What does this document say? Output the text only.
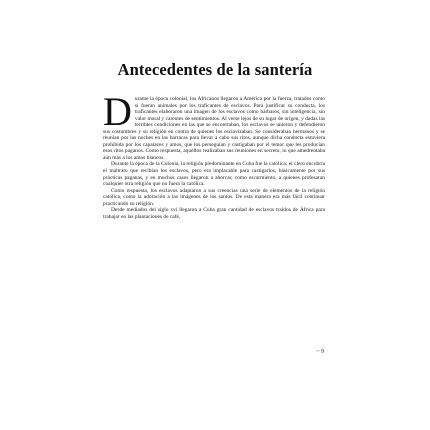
Antecedentes de la santería

Durante la época colonial, los Africanos llegaron a América por la fuerza, tratados como si fueran animales por los traficantes de esclavos. Para justificar su conducta, los traficantes elaboraron una imagen de los esclavos como bárbaros, sin inteligencia, sin valor moral y carentes de sentimientos. Al verse lejos de su lugar de origen, y dadas las terribles condiciones en las que se encontraban, los esclavos se unieron y defendieron sus costumbres y su religión en contra de quienes los esclavizaban. Se consideraban hermanos y se reunían por las noches en las barracas para llevar a cabo sus ritos, aunque dicha conducta estuviera prohibida por los capataces y amos, que los perseguían y castigaban por el temor que les producían esos ritos paganos. Como respuesta, aquéllos realizaban sus reuniones en secreto, lo que amedrentaba aún más a los amos blancos.

Durante la época de la Colonia, la religión predominante en Cuba fue la católica; el clero encubría el maltrato que recibían los esclavos, pero era implacable para castigarlos, básicamente por sus prácticas paganas, y en muchos casos llegaron a ahorcar, como escarmiento, a quienes profesaran cualquier otra religión que no fuera la católica.

Como respuesta, los esclavos adaptaron a sus creencias una serie de elementos de la religión católica, como la adoración a las imágenes de los santos. De esta manera era más fácil continuar practicando su religión.

Desde mediados del siglo xvi llegaron a Cuba gran cantidad de esclavos traídos de África para trabajar en las plantaciones de café,

~ 9
